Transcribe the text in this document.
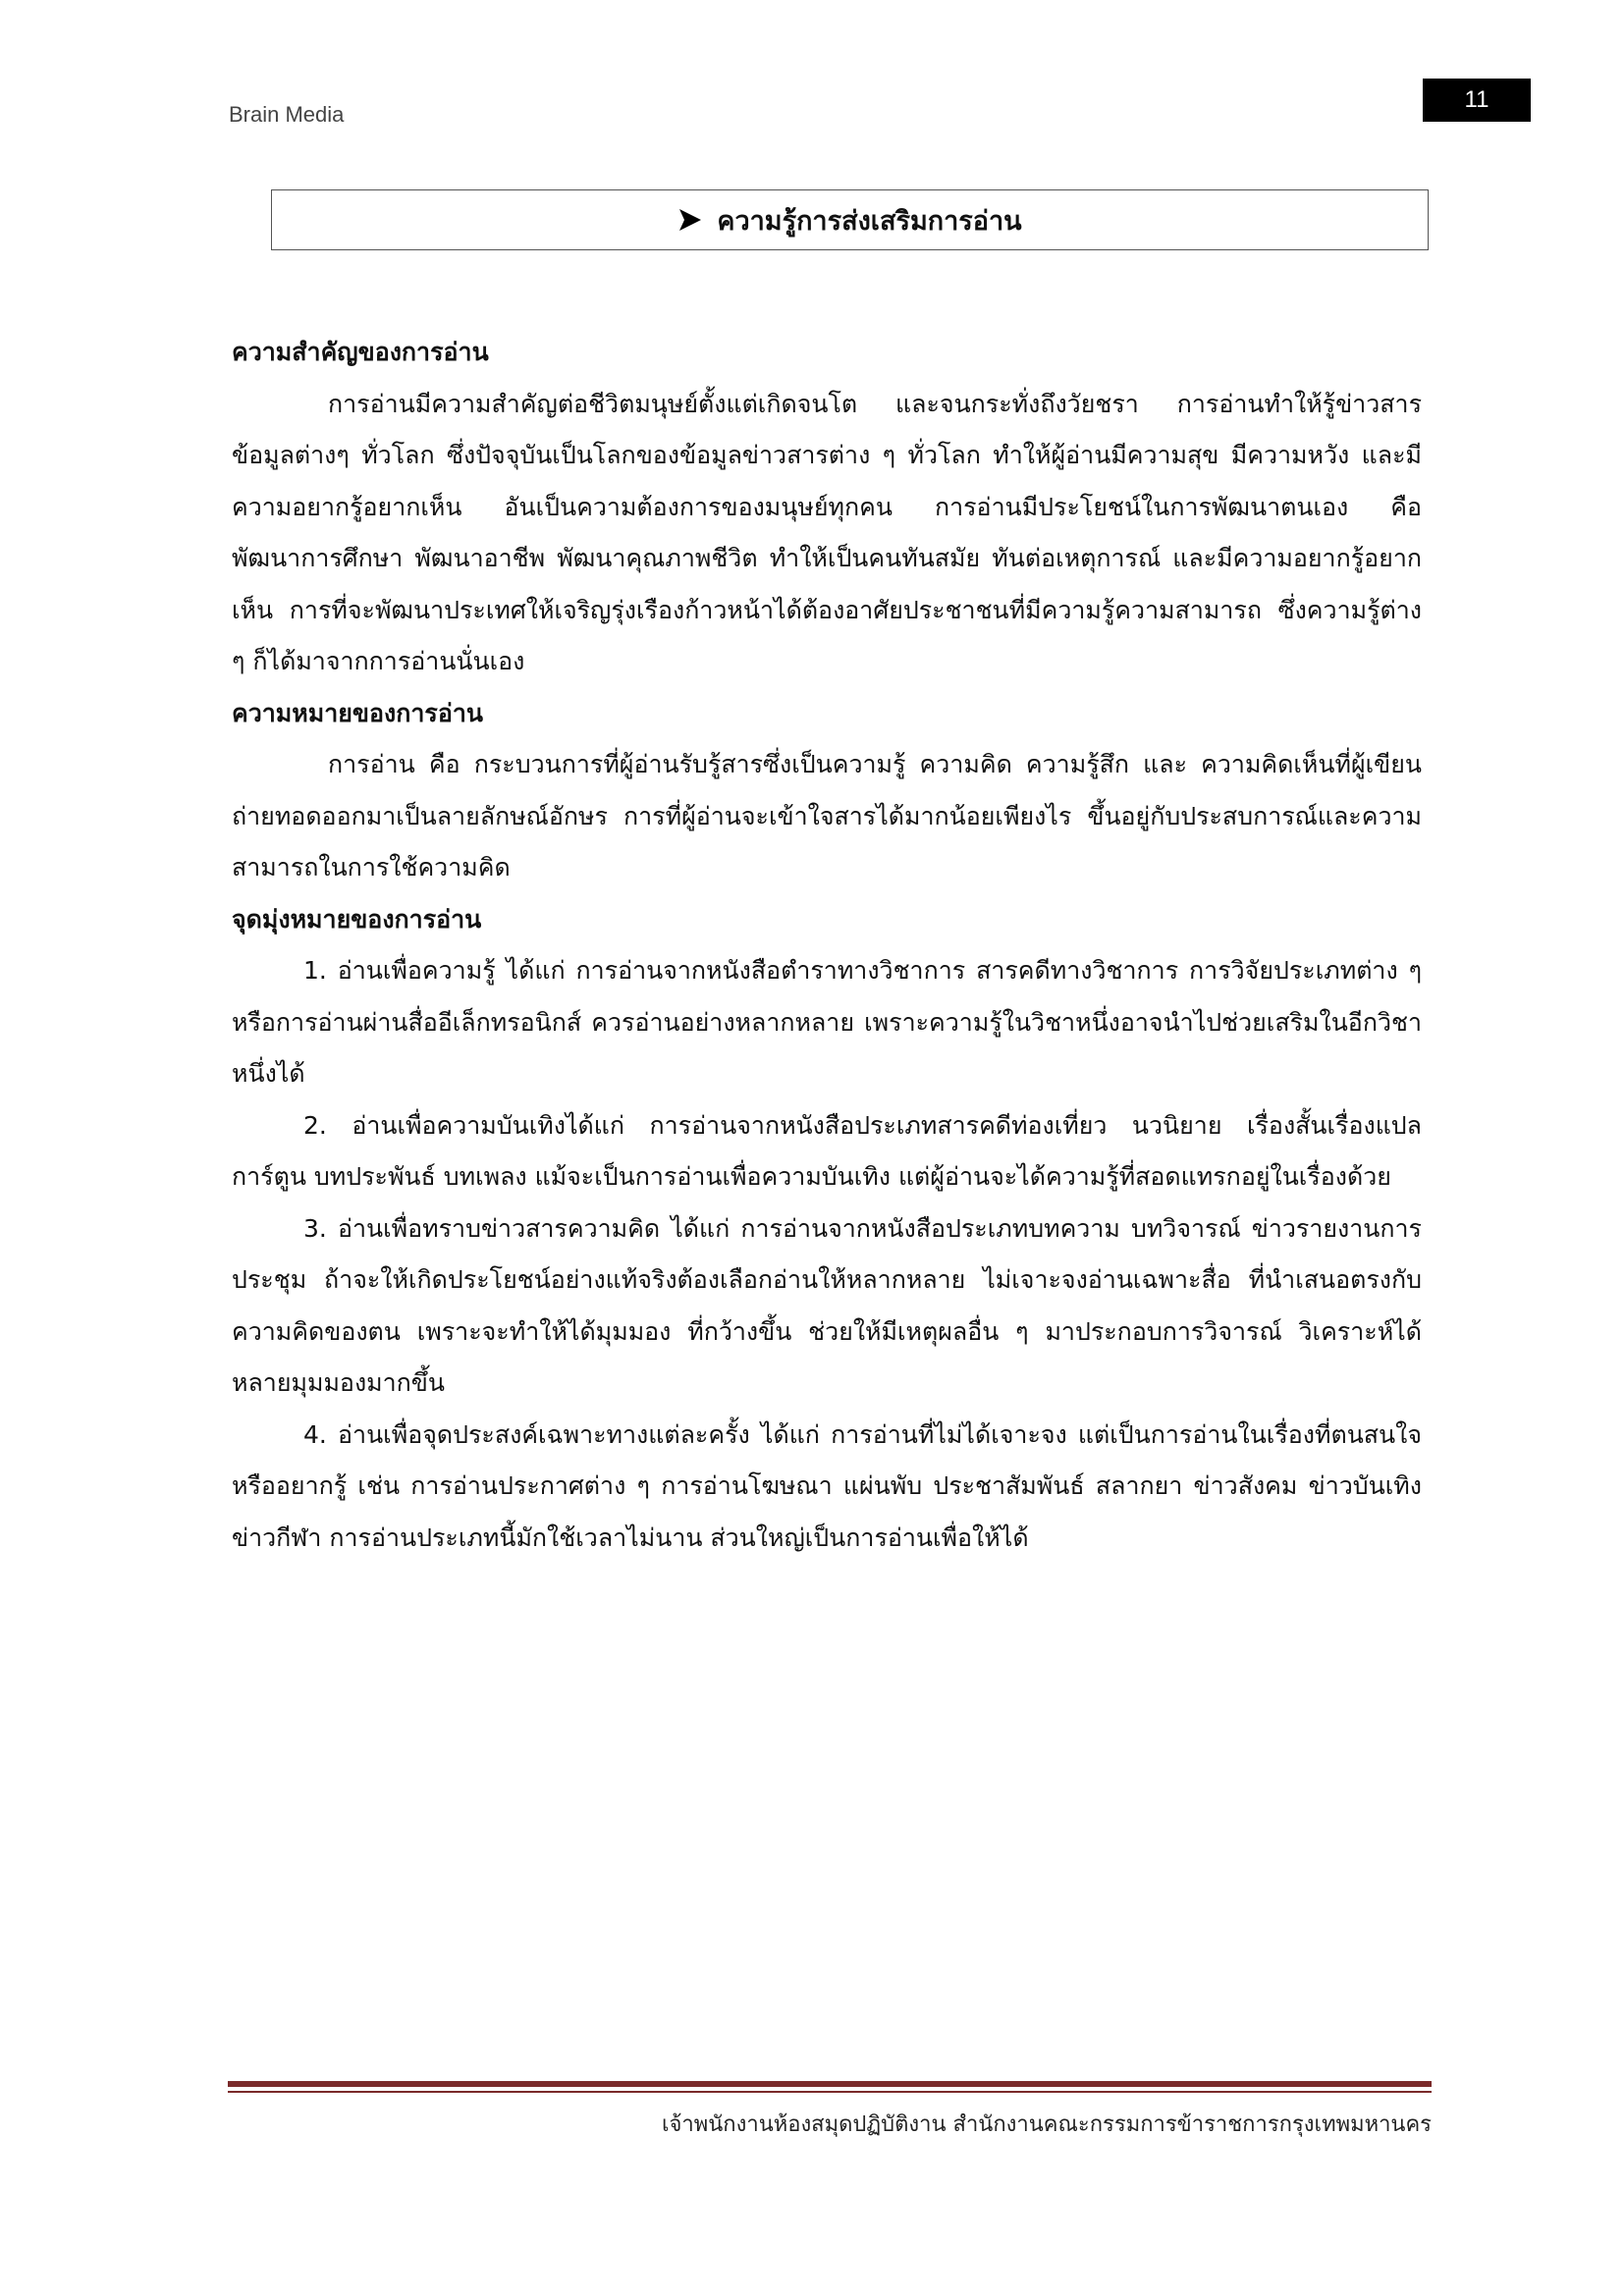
Brain Media
11
ความรู้การส่งเสริมการอ่าน
ความสำคัญของการอ่าน

การอ่านมีความสำคัญต่อชีวิตมนุษย์ตั้งแต่เกิดจนโต และจนกระทั่งถึงวัยชรา การอ่านทำให้รู้ข่าวสารข้อมูลต่างๆ ทั่วโลก ซึ่งปัจจุบันเป็นโลกของข้อมูลข่าวสารต่าง ๆ ทั่วโลก ทำให้ผู้อ่านมีความสุข มีความหวัง และมีความอยากรู้อยากเห็น อันเป็นความต้องการของมนุษย์ทุกคน การอ่านมีประโยชน์ในการพัฒนาตนเอง คือ พัฒนาการศึกษา พัฒนาอาชีพ พัฒนาคุณภาพชีวิต ทำให้เป็นคนทันสมัย ทันต่อเหตุการณ์ และมีความอยากรู้อยากเห็น การที่จะพัฒนาประเทศให้เจริญรุ่งเรืองก้าวหน้าได้ต้องอาศัยประชาชนที่มีความรู้ความสามารถ ซึ่งความรู้ต่าง ๆ ก็ได้มาจากการอ่านนั่นเอง

ความหมายของการอ่าน

การอ่าน คือ กระบวนการที่ผู้อ่านรับรู้สารซึ่งเป็นความรู้ ความคิด ความรู้สึก และ ความคิดเห็นที่ผู้เขียนถ่ายทอดออกมาเป็นลายลักษณ์อักษร การที่ผู้อ่านจะเข้าใจสารได้มากน้อยเพียงไร ขึ้นอยู่กับประสบการณ์และความสามารถในการใช้ความคิด

จุดมุ่งหมายของการอ่าน

1. อ่านเพื่อความรู้ ได้แก่ การอ่านจากหนังสือตำราทางวิชาการ สารคดีทางวิชาการ การวิจัยประเภทต่าง ๆ หรือการอ่านผ่านสื่ออีเล็กทรอนิกส์ ควรอ่านอย่างหลากหลาย เพราะความรู้ในวิชาหนึ่งอาจนำไปช่วยเสริมในอีกวิชาหนึ่งได้

2. อ่านเพื่อความบันเทิงได้แก่ การอ่านจากหนังสือประเภทสารคดีท่องเที่ยว นวนิยาย เรื่องสั้นเรื่องแปล การ์ตูน บทประพันธ์ บทเพลง แม้จะเป็นการอ่านเพื่อความบันเทิง แต่ผู้อ่านจะได้ความรู้ที่สอดแทรกอยู่ในเรื่องด้วย

3. อ่านเพื่อทราบข่าวสารความคิด ได้แก่ การอ่านจากหนังสือประเภทบทความ บทวิจารณ์ ข่าวรายงานการประชุม ถ้าจะให้เกิดประโยชน์อย่างแท้จริงต้องเลือกอ่านให้หลากหลาย ไม่เจาะจงอ่านเฉพาะสื่อ ที่นำเสนอตรงกับความคิดของตน เพราะจะทำให้ได้มุมมอง ที่กว้างขึ้น ช่วยให้มีเหตุผลอื่น ๆ มาประกอบการวิจารณ์ วิเคราะห์ได้หลายมุมมองมากขึ้น

4. อ่านเพื่อจุดประสงค์เฉพาะทางแต่ละครั้ง ได้แก่ การอ่านที่ไม่ได้เจาะจง แต่เป็นการอ่านในเรื่องที่ตนสนใจ หรืออยากรู้ เช่น การอ่านประกาศต่าง ๆ การอ่านโฆษณา แผ่นพับ ประชาสัมพันธ์ สลากยา ข่าวสังคม ข่าวบันเทิง ข่าวกีฬา การอ่านประเภทนี้มักใช้เวลาไม่นาน ส่วนใหญ่เป็นการอ่านเพื่อให้ได้

เจ้าพนักงานห้องสมุดปฏิบัติงาน สำนักงานคณะกรรมการข้าราชการกรุงเทพมหานคร
